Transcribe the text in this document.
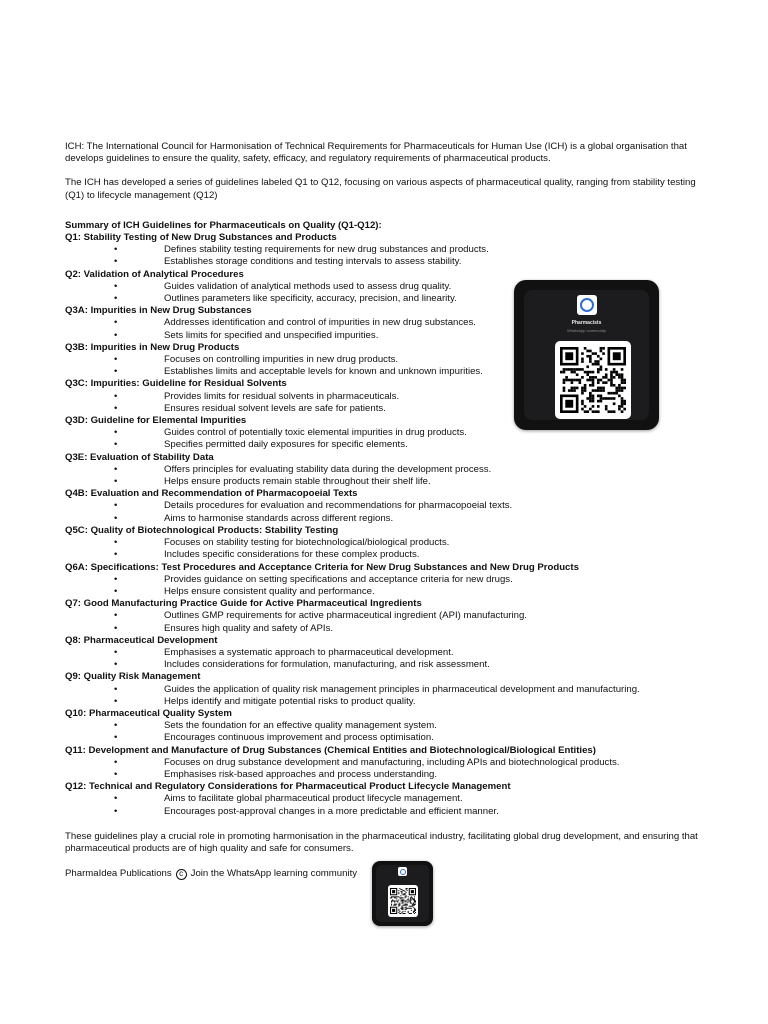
ICH: The International Council for Harmonisation of Technical Requirements for Pharmaceuticals for Human Use (ICH) is a global organisation that develops guidelines to ensure the quality, safety, efficacy, and regulatory requirements of pharmaceutical products.

The ICH has developed a series of guidelines labeled Q1 to Q12, focusing on various aspects of pharmaceutical quality, ranging from stability testing (Q1) to lifecycle management (Q12)

Summary of ICH Guidelines for Pharmaceuticals on Quality (Q1-Q12):

Q1: Stability Testing of New Drug Substances and Products

•	Defines stability testing requirements for new drug substances and products.
•	Establishes storage conditions and testing intervals to assess stability.

Q2: Validation of Analytical Procedures

•	Guides validation of analytical methods used to assess drug quality.
•	Outlines parameters like specificity, accuracy, precision, and linearity.

Q3A: Impurities in New Drug Substances

•	Addresses identification and control of impurities in new drug substances.
•	Sets limits for specified and unspecified impurities.

Q3B: Impurities in New Drug Products

•	Focuses on controlling impurities in new drug products.
•	Establishes limits and acceptable levels for known and unknown impurities.

Q3C: Impurities: Guideline for Residual Solvents

•	Provides limits for residual solvents in pharmaceuticals.
•	Ensures residual solvent levels are safe for patients.

Q3D: Guideline for Elemental Impurities

•	Guides control of potentially toxic elemental impurities in drug products.
•	Specifies permitted daily exposures for specific elements.

Q3E: Evaluation of Stability Data

•	Offers principles for evaluating stability data during the development process.
•	Helps ensure products remain stable throughout their shelf life.

Q4B: Evaluation and Recommendation of Pharmacopoeial Texts

•	Details procedures for evaluation and recommendations for pharmacopoeial texts.
•	Aims to harmonise standards across different regions.

Q5C: Quality of Biotechnological Products: Stability Testing

•	Focuses on stability testing for biotechnological/biological products.
•	Includes specific considerations for these complex products.

Q6A: Specifications: Test Procedures and Acceptance Criteria for New Drug Substances and New Drug Products

•	Provides guidance on setting specifications and acceptance criteria for new drugs.
•	Helps ensure consistent quality and performance.

Q7: Good Manufacturing Practice Guide for Active Pharmaceutical Ingredients

•	Outlines GMP requirements for active pharmaceutical ingredient (API) manufacturing.
•	Ensures high quality and safety of APIs.

Q8: Pharmaceutical Development

•	Emphasises a systematic approach to pharmaceutical development.
•	Includes considerations for formulation, manufacturing, and risk assessment.

Q9: Quality Risk Management

•	Guides the application of quality risk management principles in pharmaceutical development and manufacturing.
•	Helps identify and mitigate potential risks to product quality.

Q10: Pharmaceutical Quality System

•	Sets the foundation for an effective quality management system.
•	Encourages continuous improvement and process optimisation.

Q11: Development and Manufacture of Drug Substances (Chemical Entities and Biotechnological/Biological Entities)

•	Focuses on drug substance development and manufacturing, including APIs and biotechnological products.
•	Emphasises risk-based approaches and process understanding.

Q12: Technical and Regulatory Considerations for Pharmaceutical Product Lifecycle Management

•	Aims to facilitate global pharmaceutical product lifecycle management.
•	Encourages post-approval changes in a more predictable and efficient manner.

These guidelines play a crucial role in promoting harmonisation in the pharmaceutical industry, facilitating global drug development, and ensuring that pharmaceutical products are of high quality and safe for consumers.

PharmaIdea Publications c Join the WhatsApp learning community
Pharmacists
WhatsApp community
